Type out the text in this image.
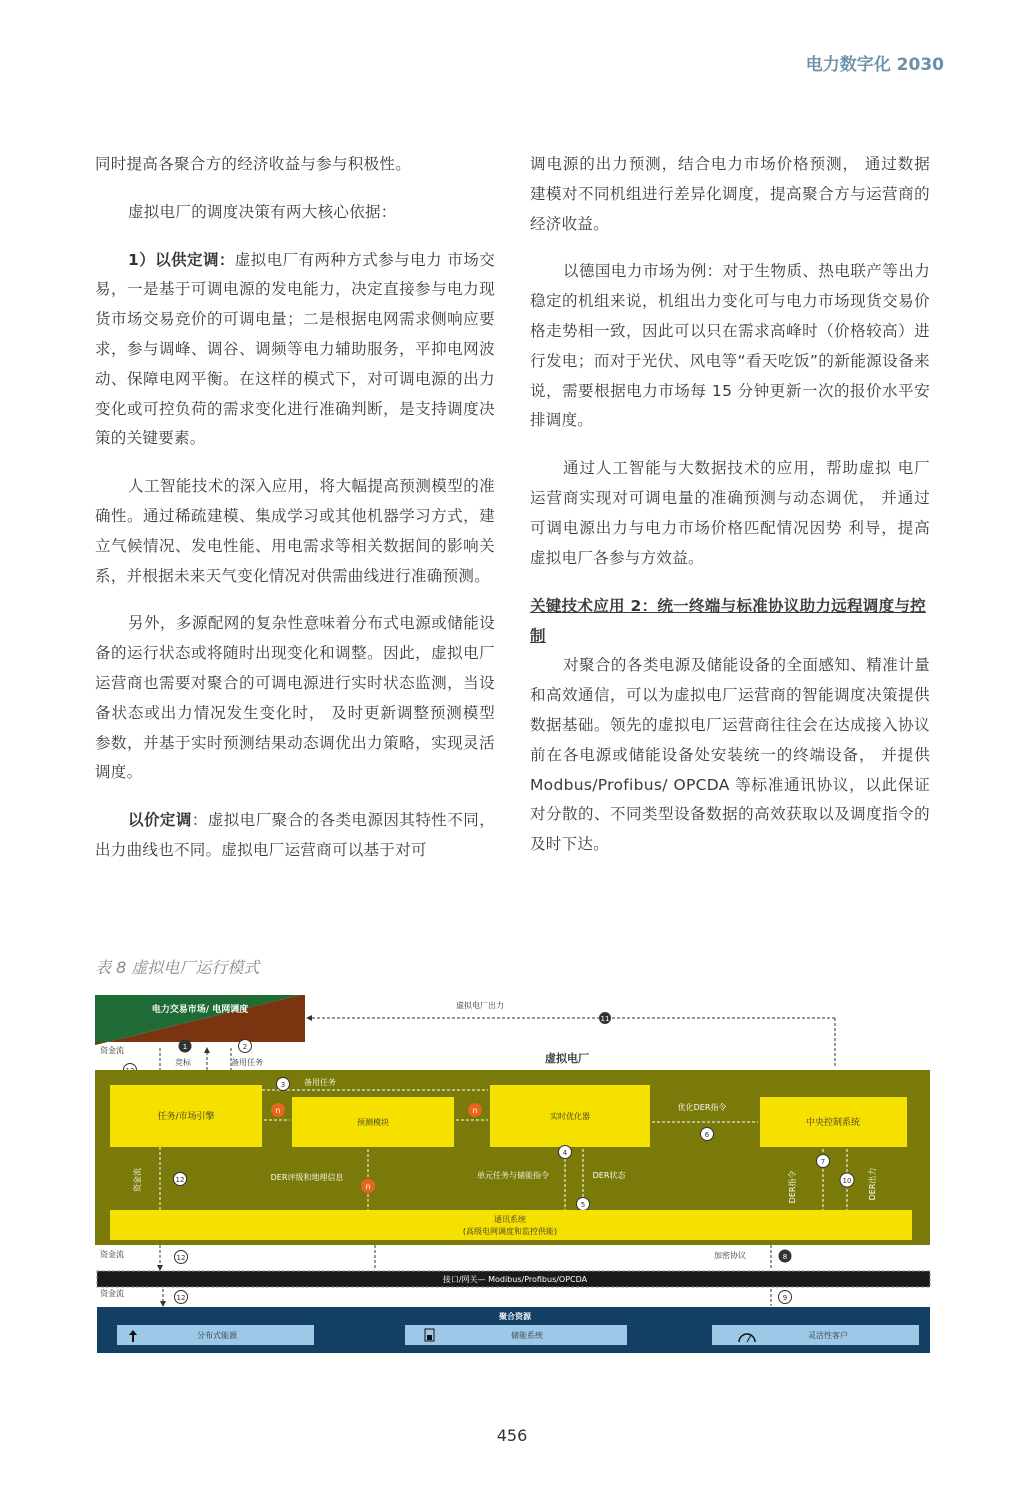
电力数字化 2030

同时提高各聚合方的经济收益与参与积极性。

虚拟电厂的调度决策有两大核心依据：

1）以供定调：虚拟电厂有两种方式参与电力 市场交易，一是基于可调电源的发电能力，决定直接参与电力现货市场交易竞价的可调电量；二是根据电网需求侧响应要求，参与调峰、调谷、调频等电力辅助服务，平抑电网波动、保障电网平衡。在这样的模式下，对可调电源的出力变化或可控负荷的需求变化进行准确判断，是支持调度决策的关键要素。

人工智能技术的深入应用，将大幅提高预测模型的准确性。通过稀疏建模、集成学习或其他机器学习方式，建立气候情况、发电性能、用电需求等相关数据间的影响关系，并根据未来天气变化情况对供需曲线进行准确预测。

另外，多源配网的复杂性意味着分布式电源或储能设备的运行状态或将随时出现变化和调整。因此，虚拟电厂运营商也需要对聚合的可调电源进行实时状态监测，当设备状态或出力情况发生变化时， 及时更新调整预测模型参数，并基于实时预测结果动态调优出力策略，实现灵活调度。

以价定调：虚拟电厂聚合的各类电源因其特性不同，出力曲线也不同。虚拟电厂运营商可以基于对可

调电源的出力预测，结合电力市场价格预测， 通过数据建模对不同机组进行差异化调度，提高聚合方与运营商的经济收益。

以德国电力市场为例：对于生物质、热电联产等出力稳定的机组来说，机组出力变化可与电力市场现货交易价格走势相一致，因此可以只在需求高峰时（价格较高）进行发电；而对于光伏、风电等“看天吃饭”的新能源设备来说，需要根据电力市场每 15 分钟更新一次的报价水平安排调度。

通过人工智能与大数据技术的应用，帮助虚拟 电厂运营商实现对可调电量的准确预测与动态调优， 并通过可调电源出力与电力市场价格匹配情况因势 利导，提高虚拟电厂各参与方效益。

关键技术应用 2：统一终端与标准协议助力远程调度与控制

对聚合的各类电源及储能设备的全面感知、精准计量和高效通信，可以为虚拟电厂运营商的智能调度决策提供数据基础。领先的虚拟电厂运营商往往会在达成接入协议前在各电源或储能设备处安装统一的终端设备， 并提供 Modbus/Profibus/ OPCDA 等标准通讯协议，以此保证对分散的、不同类型设备数据的高效获取以及调度指令的及时下达。

表 8 虚拟电厂运行模式
电力交易市场/ 电网调度	虚拟电厂出力
11
资金流	1
竞标
2
备用任务	虚拟电厂
任务/市场引擎
预测模块
实时优化器
中央控制系统
3 备用任务
n	n	优化DER指令
6
资金流	12	DER评级和地理信息
n
4
单元任务与储能指令	DER状态
5
DER指令
7
10 DER出力
通讯系统
(高级电网调度和监控供能)
资金流	12	加密协议	8
接口/网关— Modibus/Profibus/OPCDA
资金流	12	9
聚合资源
分布式能源	储能系统	灵活性客户
456
